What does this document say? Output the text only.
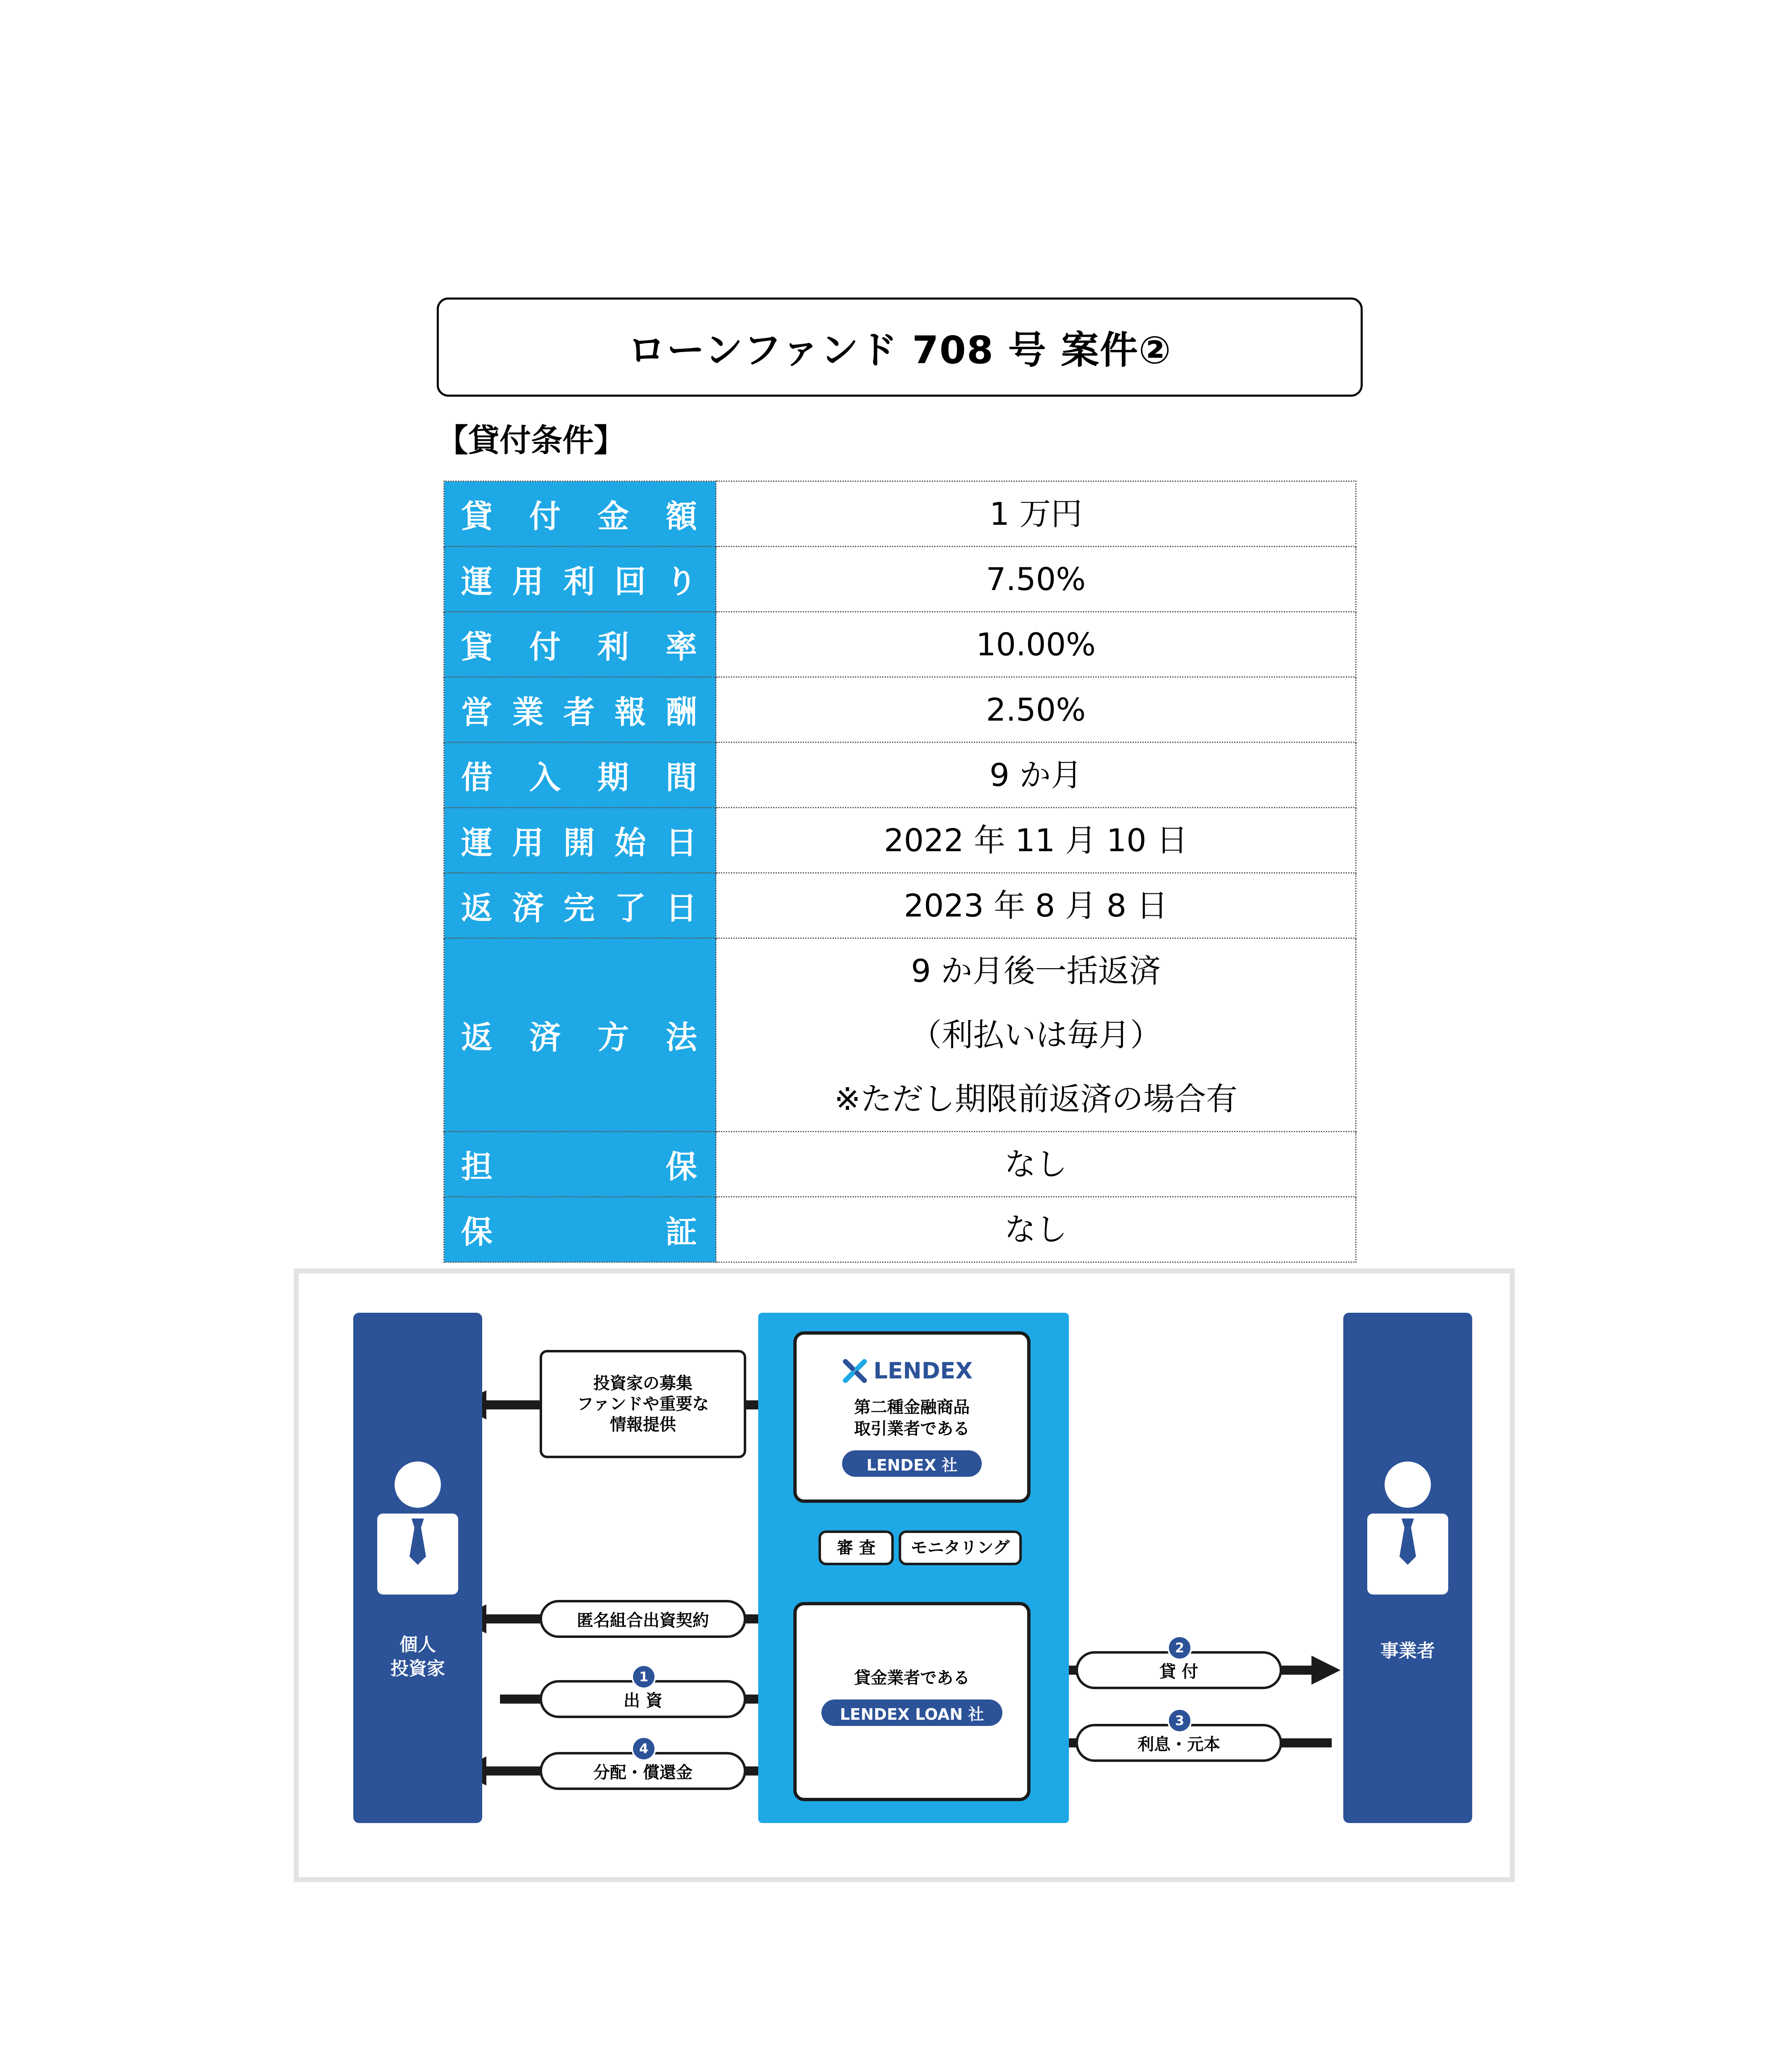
ローンファンド 708 号 案件②
【貸付条件】
貸付金額	1 万円

運用利回り	7.50%

貸付利率	10.00%

営業者報酬	2.50%

借入期間	9 か月

運用開始日	2022 年 11 月 10 日

返済完了日	2023 年 8 月 8 日

返済方法	9 か月後一括返済
（利払いは毎月）
※ただし期限前返済の場合有

担保	なし

保証	なし
個人
投資家
事業者
LENDEX
第二種金融商品
取引業者である
LENDEX 社
投資家の募集
ファンドや重要な
情報提供
審 査	モニタリング
貸金業者である
LENDEX LOAN 社
匿名組合出資契約
出 資
1
分配・償還金
4
貸 付
2
利息・元本
3
